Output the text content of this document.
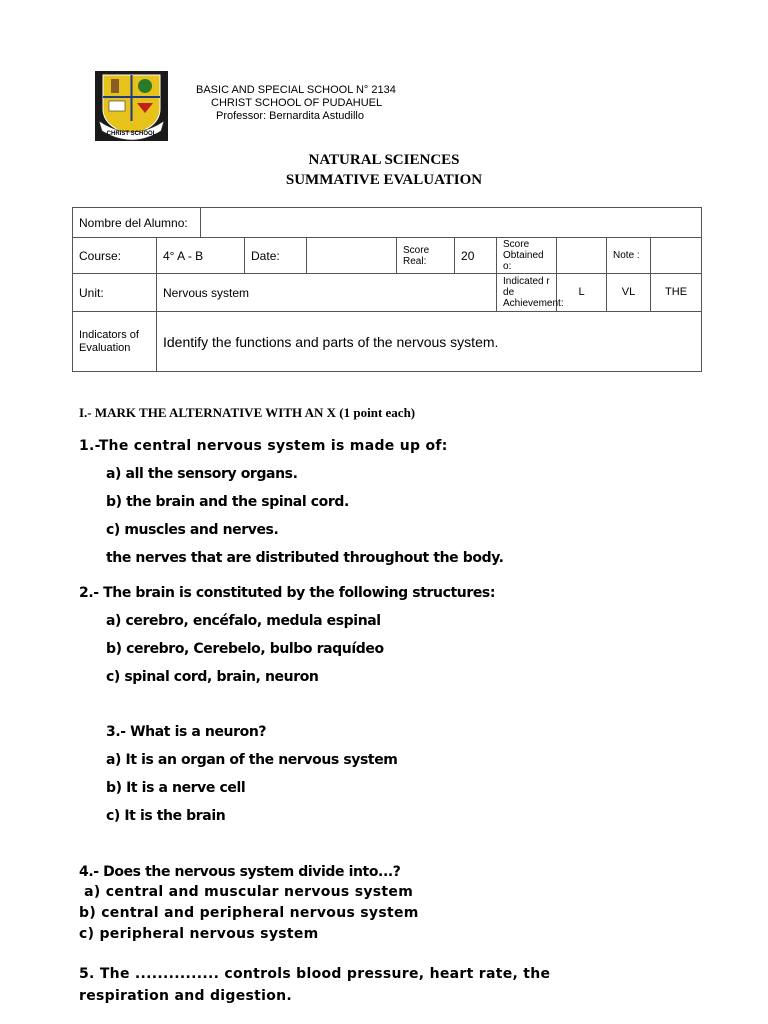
CHRIST SCHOOL
BASIC AND SPECIAL SCHOOL N° 2134
CHRIST SCHOOL OF PUDAHUEL
Professor: Bernardita Astudillo
NATURAL SCIENCES
SUMMATIVE EVALUATION
Nombre del Alumno:										
Course:	4° A - B		Date:		Score Real:	20	Score Obtained o:		Note :	
Unit:	Nervous system						Indicated r de Achievement:	L	VL	THE
Indicators of Evaluation	Identify the functions and parts of the nervous system.									
I.- MARK THE ALTERNATIVE WITH AN X (1 point each)
1.-The central nervous system is made up of:
a) all the sensory organs.
b) the brain and the spinal cord.
c) muscles and nerves.
the nerves that are distributed throughout the body.
2.- The brain is constituted by the following structures:
a) cerebro, encéfalo, medula espinal
b) cerebro, Cerebelo, bulbo raquídeo
c) spinal cord, brain, neuron
3.- What is a neuron?
a) It is an organ of the nervous system
b) It is a nerve cell
c) It is the brain
4.- Does the nervous system divide into...?
a) central and muscular nervous system
b) central and peripheral nervous system
c) peripheral nervous system
5. The ............... controls blood pressure, heart rate, the
respiration and digestion.
